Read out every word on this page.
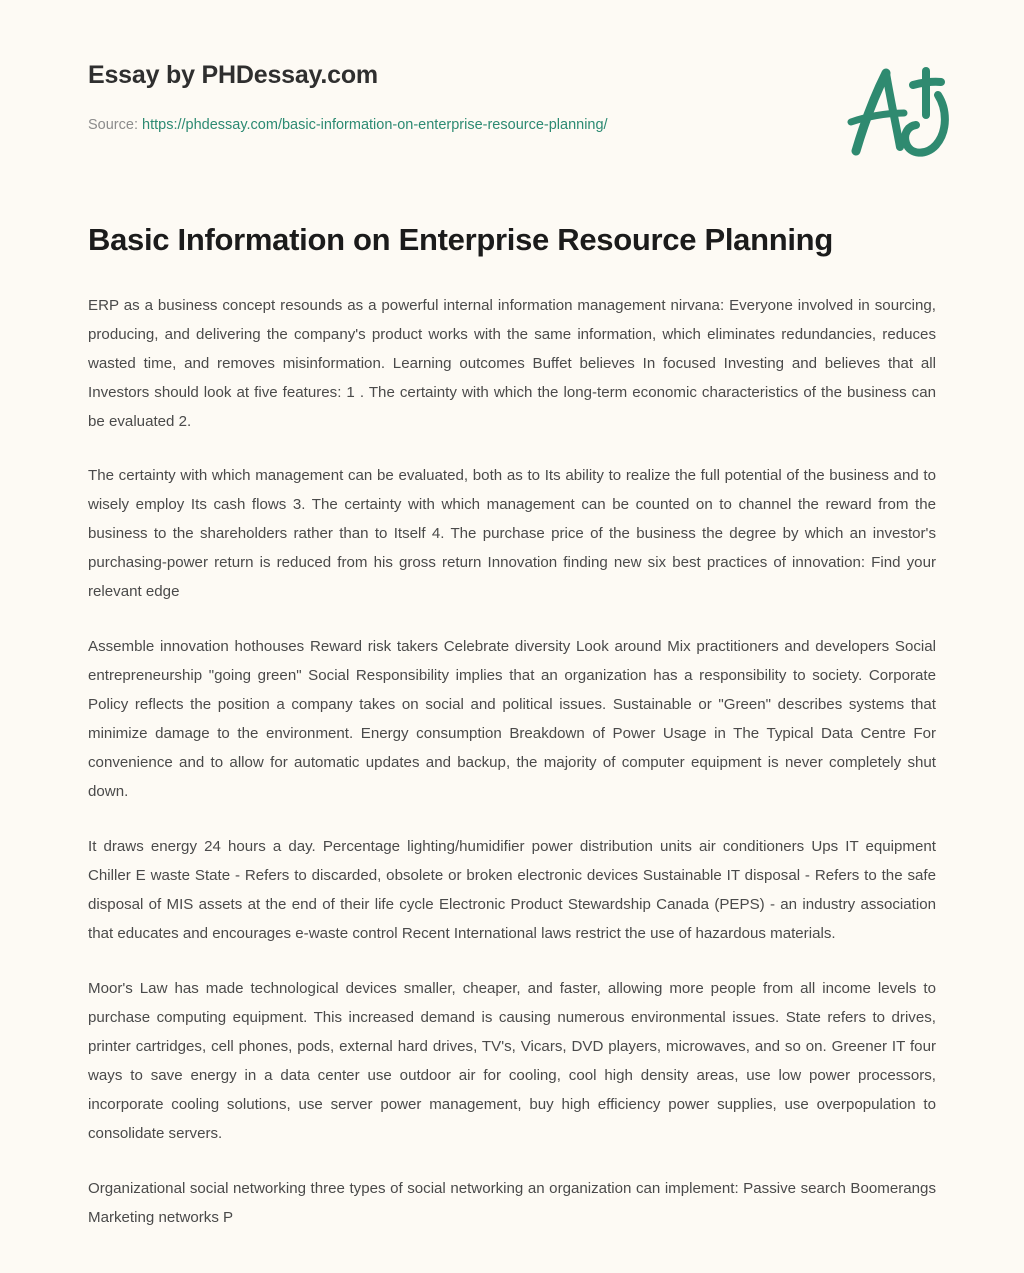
Essay by PHDessay.com
Source: https://phdessay.com/basic-information-on-enterprise-resource-planning/
Basic Information on Enterprise Resource Planning

ERP as a business concept resounds as a powerful internal information management nirvana: Everyone involved in sourcing, producing, and delivering the company's product works with the same information, which eliminates redundancies, reduces wasted time, and removes misinformation. Learning outcomes Buffet believes In focused Investing and believes that all Investors should look at five features: 1 . The certainty with which the long-term economic characteristics of the business can be evaluated 2.

The certainty with which management can be evaluated, both as to Its ability to realize the full potential of the business and to wisely employ Its cash flows 3. The certainty with which management can be counted on to channel the reward from the business to the shareholders rather than to Itself 4. The purchase price of the business the degree by which an investor's purchasing-power return is reduced from his gross return Innovation finding new six best practices of innovation: Find your relevant edge

Assemble innovation hothouses Reward risk takers Celebrate diversity Look around Mix practitioners and developers Social entrepreneurship "going green" Social Responsibility implies that an organization has a responsibility to society. Corporate Policy reflects the position a company takes on social and political issues. Sustainable or "Green" describes systems that minimize damage to the environment. Energy consumption Breakdown of Power Usage in The Typical Data Centre For convenience and to allow for automatic updates and backup, the majority of computer equipment is never completely shut down.

It draws energy 24 hours a day. Percentage lighting/humidifier power distribution units air conditioners Ups IT equipment Chiller E waste State - Refers to discarded, obsolete or broken electronic devices Sustainable IT disposal - Refers to the safe disposal of MIS assets at the end of their life cycle Electronic Product Stewardship Canada (PEPS) - an industry association that educates and encourages e-waste control Recent International laws restrict the use of hazardous materials.

Moor's Law has made technological devices smaller, cheaper, and faster, allowing more people from all income levels to purchase computing equipment. This increased demand is causing numerous environmental issues. State refers to drives, printer cartridges, cell phones, pods, external hard drives, TV's, Vicars, DVD players, microwaves, and so on. Greener IT four ways to save energy in a data center use outdoor air for cooling, cool high density areas, use low power processors, incorporate cooling solutions, use server power management, buy high efficiency power supplies, use overpopulation to consolidate servers.

Organizational social networking three types of social networking an organization can implement: Passive search Boomerangs Marketing networks P
